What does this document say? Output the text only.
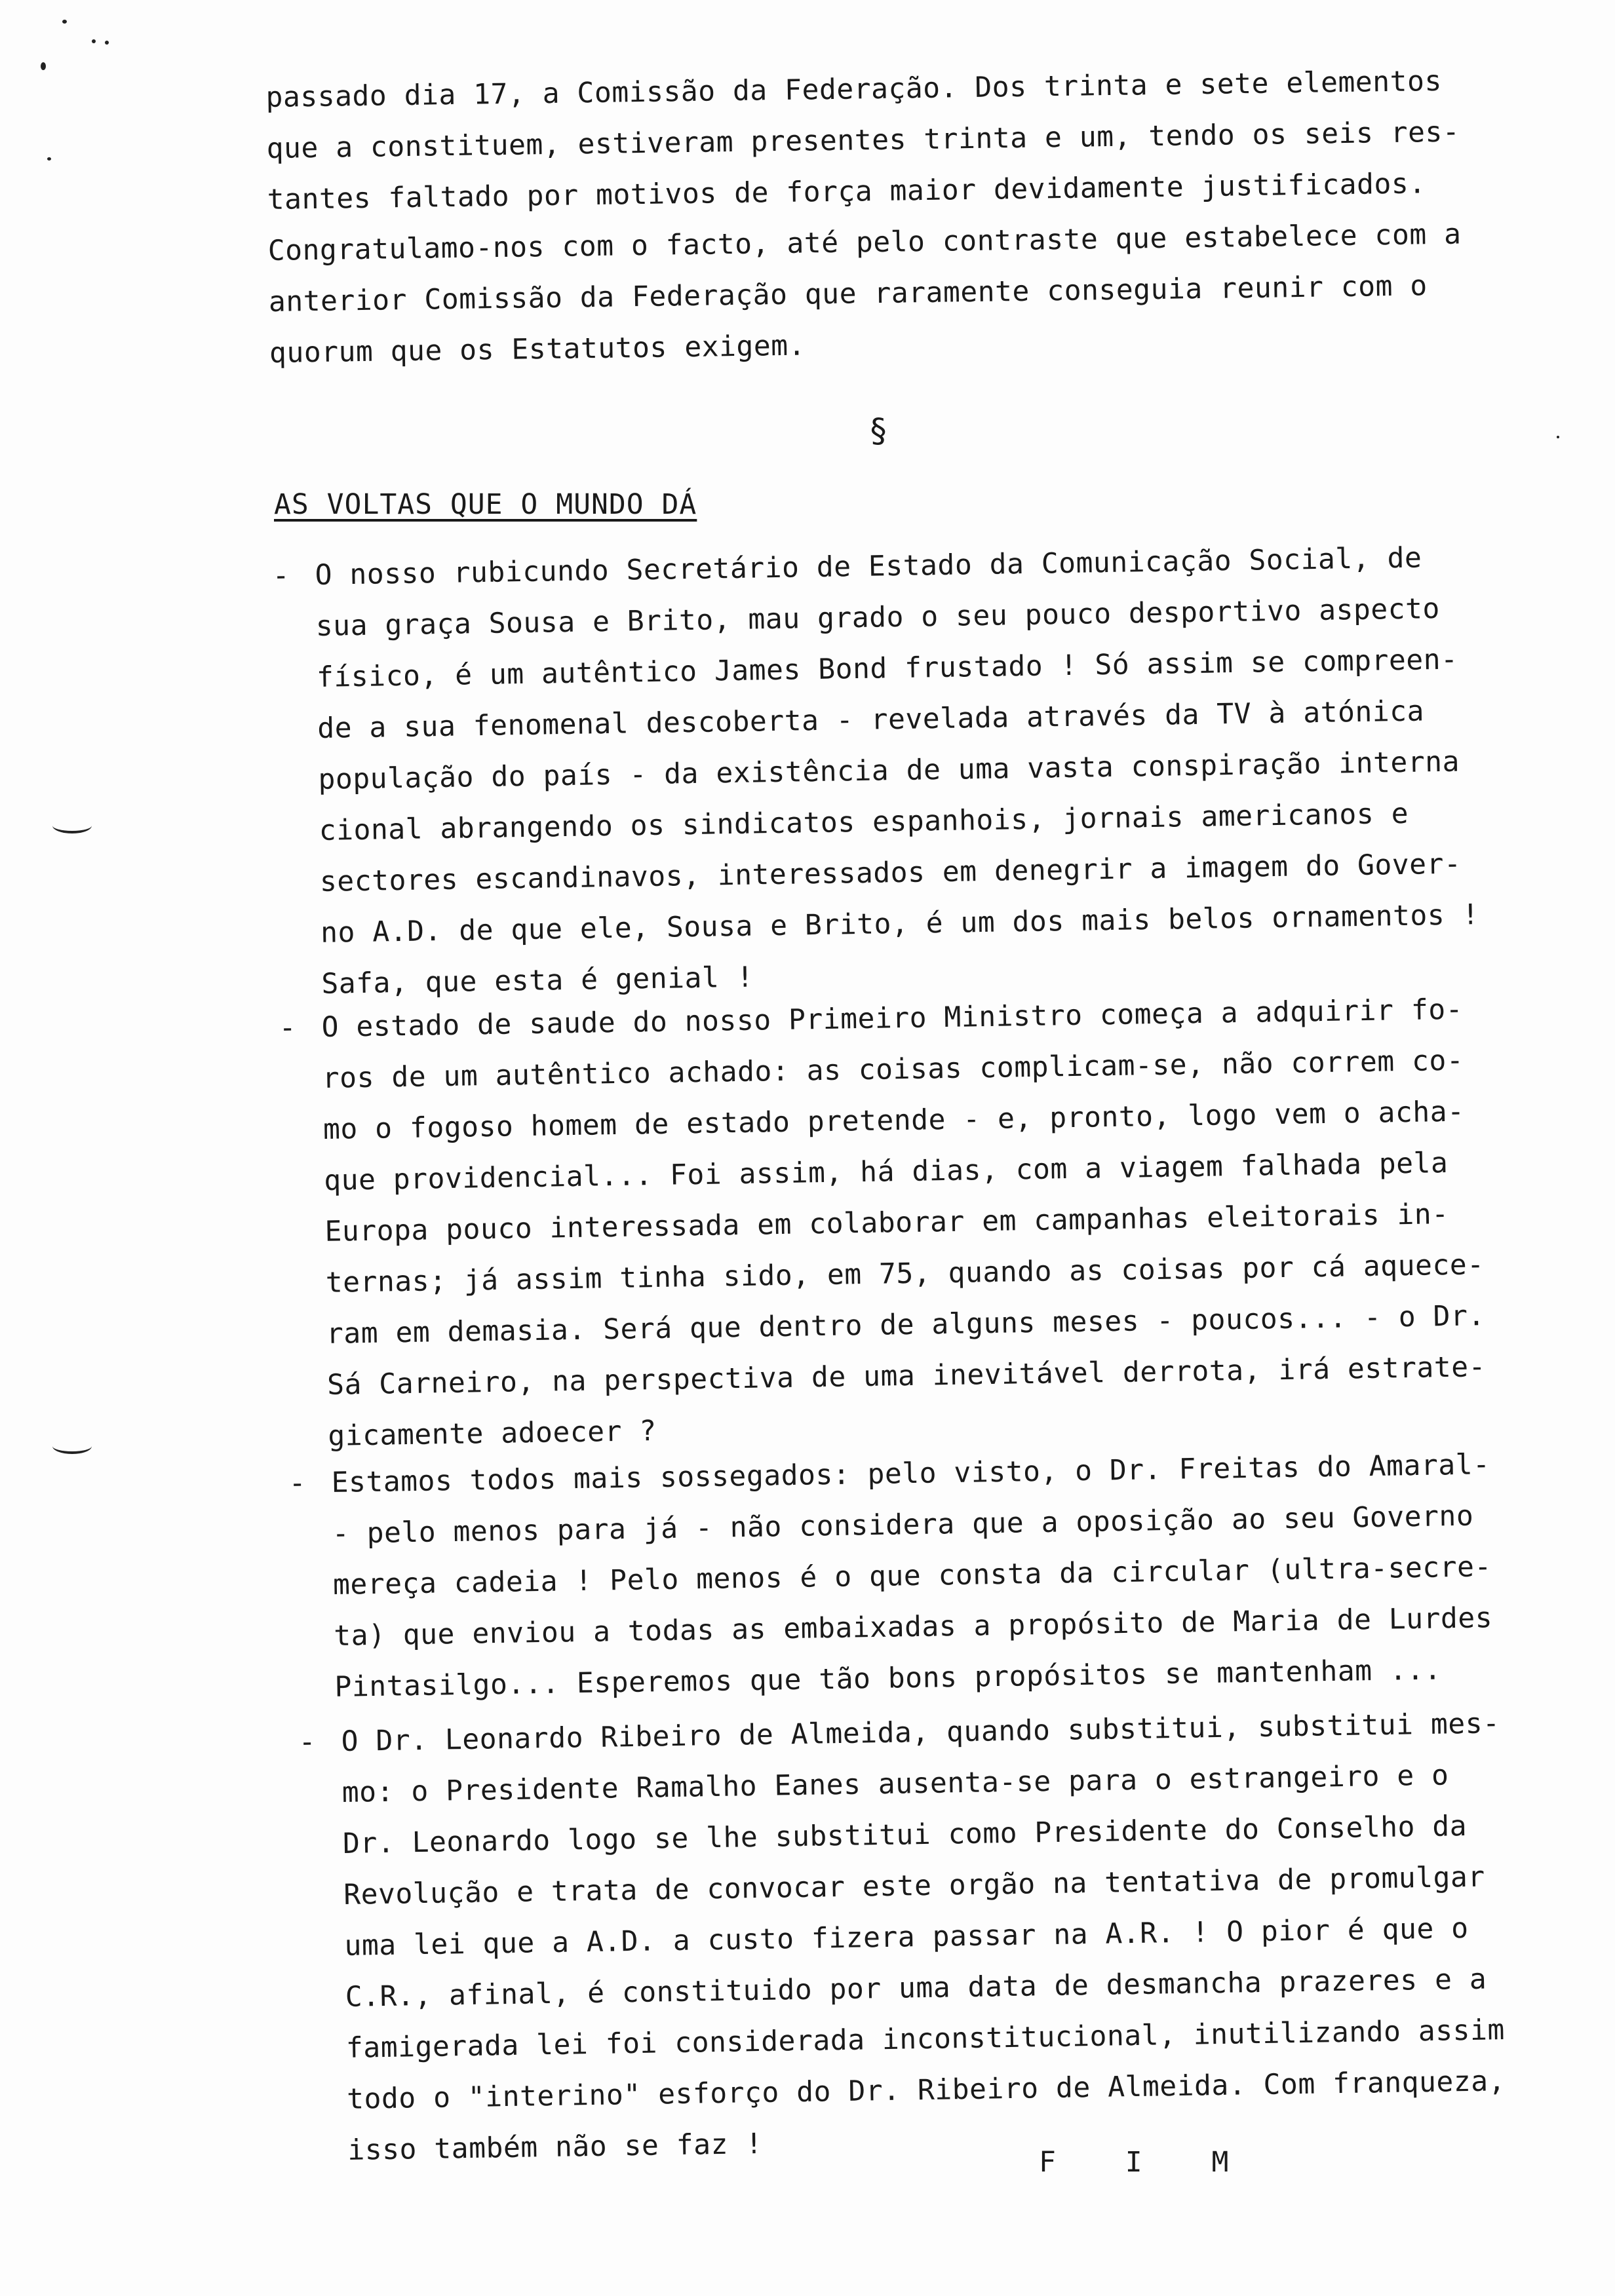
passado dia 17, a Comissão da Federação. Dos trinta e sete elementos
que a constituem, estiveram presentes trinta e um, tendo os seis res-
tantes faltado por motivos de força maior devidamente justificados.
Congratulamo-nos com o facto, até pelo contraste que estabelece com a
anterior Comissão da Federação que raramente conseguia reunir com o
quorum que os Estatutos exigem.

§

AS VOLTAS QUE O MUNDO DÁ
- O nosso rubicundo Secretário de Estado da Comunicação Social, de
sua graça Sousa e Brito, mau grado o seu pouco desportivo aspecto
físico, é um autêntico James Bond frustado ! Só assim se compreen-
de a sua fenomenal descoberta - revelada através da TV à atónica
população do país - da existência de uma vasta conspiração interna
cional abrangendo os sindicatos espanhois, jornais americanos e
sectores escandinavos, interessados em denegrir a imagem do Gover-
no A.D. de que ele, Sousa e Brito, é um dos mais belos ornamentos !
Safa, que esta é genial !
- O estado de saude do nosso Primeiro Ministro começa a adquirir fo-
ros de um autêntico achado: as coisas complicam-se, não correm co-
mo o fogoso homem de estado pretende - e, pronto, logo vem o acha-
que providencial... Foi assim, há dias, com a viagem falhada pela
Europa pouco interessada em colaborar em campanhas eleitorais in-
ternas; já assim tinha sido, em 75, quando as coisas por cá aquece-
ram em demasia. Será que dentro de alguns meses - poucos... - o Dr.
Sá Carneiro, na perspectiva de uma inevitável derrota, irá estrate-
gicamente adoecer ?
- Estamos todos mais sossegados: pelo visto, o Dr. Freitas do Amaral-
- pelo menos para já - não considera que a oposição ao seu Governo
mereça cadeia ! Pelo menos é o que consta da circular (ultra-secre-
ta) que enviou a todas as embaixadas a propósito de Maria de Lurdes
Pintasilgo... Esperemos que tão bons propósitos se mantenham ...
- O Dr. Leonardo Ribeiro de Almeida, quando substitui, substitui mes-
mo: o Presidente Ramalho Eanes ausenta-se para o estrangeiro e o
Dr. Leonardo logo se lhe substitui como Presidente do Conselho da
Revolução e trata de convocar este orgão na tentativa de promulgar
uma lei que a A.D. a custo fizera passar na A.R. ! O pior é que o
C.R., afinal, é constituido por uma data de desmancha prazeres e a
famigerada lei foi considerada inconstitucional, inutilizando assim
todo o "interino" esforço do Dr. Ribeiro de Almeida. Com franqueza,
isso também não se faz !	F I M
